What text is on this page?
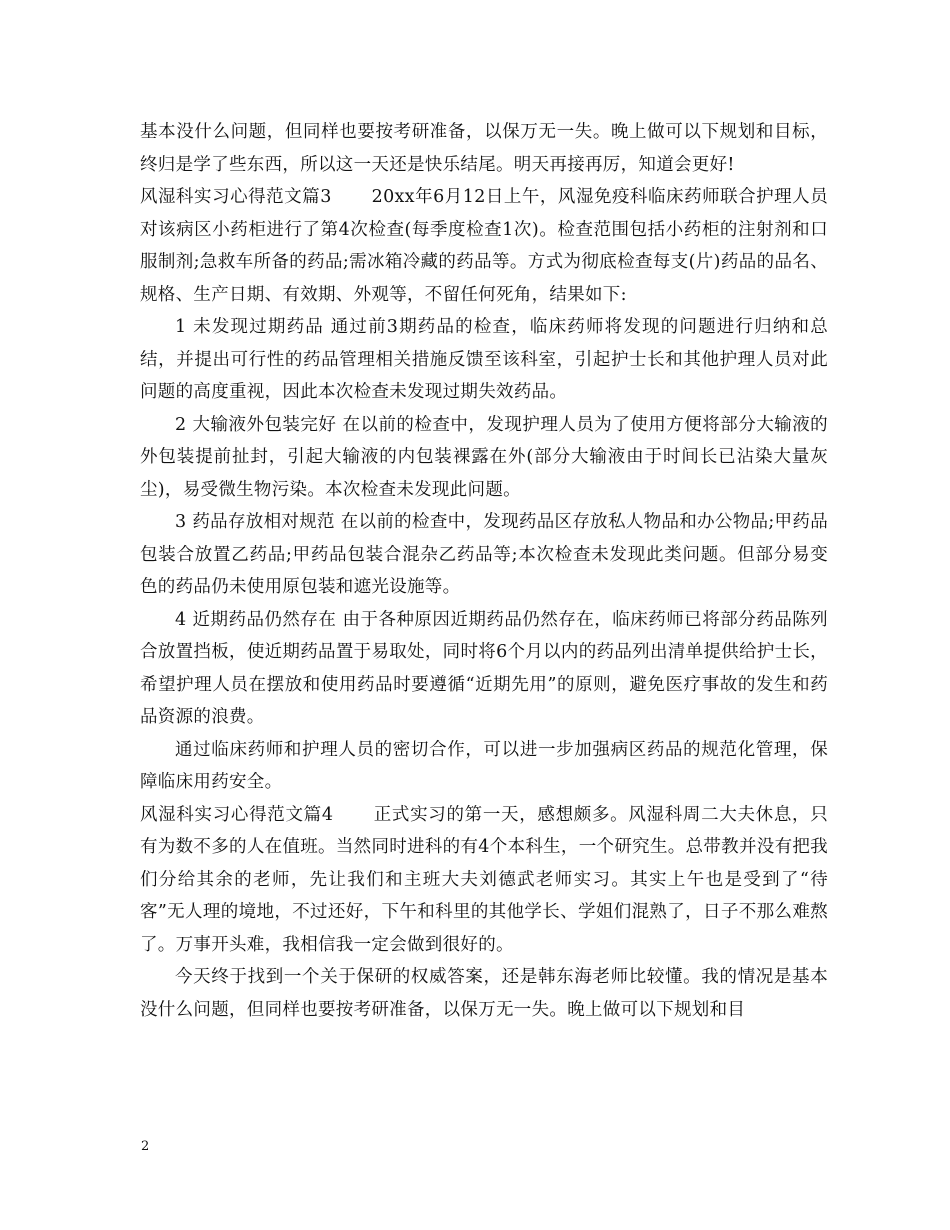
基本没什么问题，但同样也要按考研准备，以保万无一失。晚上做可以下规划和目标，终归是学了些东西，所以这一天还是快乐结尾。明天再接再厉，知道会更好!

风湿科实习心得范文篇3 20xx年6月12日上午，风湿免疫科临床药师联合护理人员对该病区小药柜进行了第4次检查(每季度检查1次)。检查范围包括小药柜的注射剂和口服制剂;急救车所备的药品;需冰箱冷藏的药品等。方式为彻底检查每支(片)药品的品名、规格、生产日期、有效期、外观等，不留任何死角，结果如下:

1 未发现过期药品 通过前3期药品的检查，临床药师将发现的问题进行归纳和总结，并提出可行性的药品管理相关措施反馈至该科室，引起护士长和其他护理人员对此问题的高度重视，因此本次检查未发现过期失效药品。

2 大输液外包装完好 在以前的检查中，发现护理人员为了使用方便将部分大输液的外包装提前扯封，引起大输液的内包装裸露在外(部分大输液由于时间长已沾染大量灰尘)，易受微生物污染。本次检查未发现此问题。

3 药品存放相对规范 在以前的检查中，发现药品区存放私人物品和办公物品;甲药品包装合放置乙药品;甲药品包装合混杂乙药品等;本次检查未发现此类问题。但部分易变色的药品仍未使用原包装和遮光设施等。

4 近期药品仍然存在 由于各种原因近期药品仍然存在，临床药师已将部分药品陈列合放置挡板，使近期药品置于易取处，同时将6个月以内的药品列出清单提供给护士长，希望护理人员在摆放和使用药品时要遵循“近期先用”的原则，避免医疗事故的发生和药品资源的浪费。

通过临床药师和护理人员的密切合作，可以进一步加强病区药品的规范化管理，保障临床用药安全。

风湿科实习心得范文篇4 正式实习的第一天，感想颇多。风湿科周二大夫休息，只有为数不多的人在值班。当然同时进科的有4个本科生，一个研究生。总带教并没有把我们分给其余的老师，先让我们和主班大夫刘德武老师实习。其实上午也是受到了“待客”无人理的境地，不过还好，下午和科里的其他学长、学姐们混熟了，日子不那么难熬了。万事开头难，我相信我一定会做到很好的。

今天终于找到一个关于保研的权威答案，还是韩东海老师比较懂。我的情况是基本没什么问题，但同样也要按考研准备，以保万无一失。晚上做可以下规划和目

2
